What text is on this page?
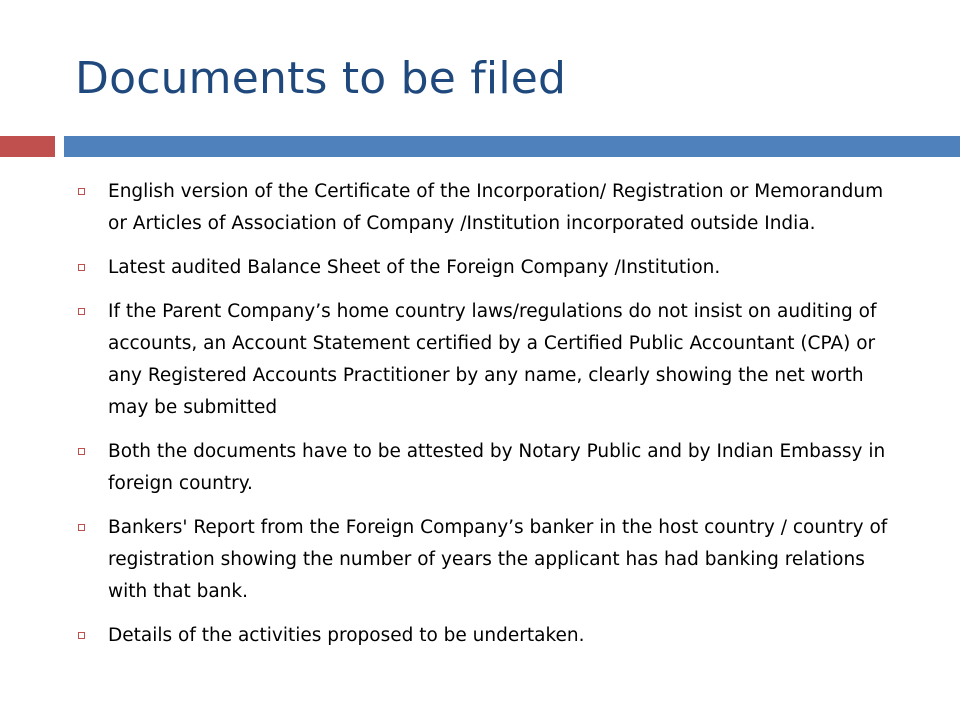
Documents to be filed
English version of the Certificate of the Incorporation/ Registration or Memorandum or Articles of Association of Company /Institution incorporated outside India.
Latest audited Balance Sheet of the Foreign Company /Institution.
If the Parent Company’s home country laws/regulations do not insist on auditing of accounts, an Account Statement certified by a Certified Public Accountant (CPA) or any Registered Accounts Practitioner by any name, clearly showing the net worth may be submitted
Both the documents have to be attested by Notary Public and by Indian Embassy in foreign country.
Bankers' Report from the Foreign Company’s banker in the host country / country of registration showing the number of years the applicant has had banking relations with that bank.
Details of the activities proposed to be undertaken.
